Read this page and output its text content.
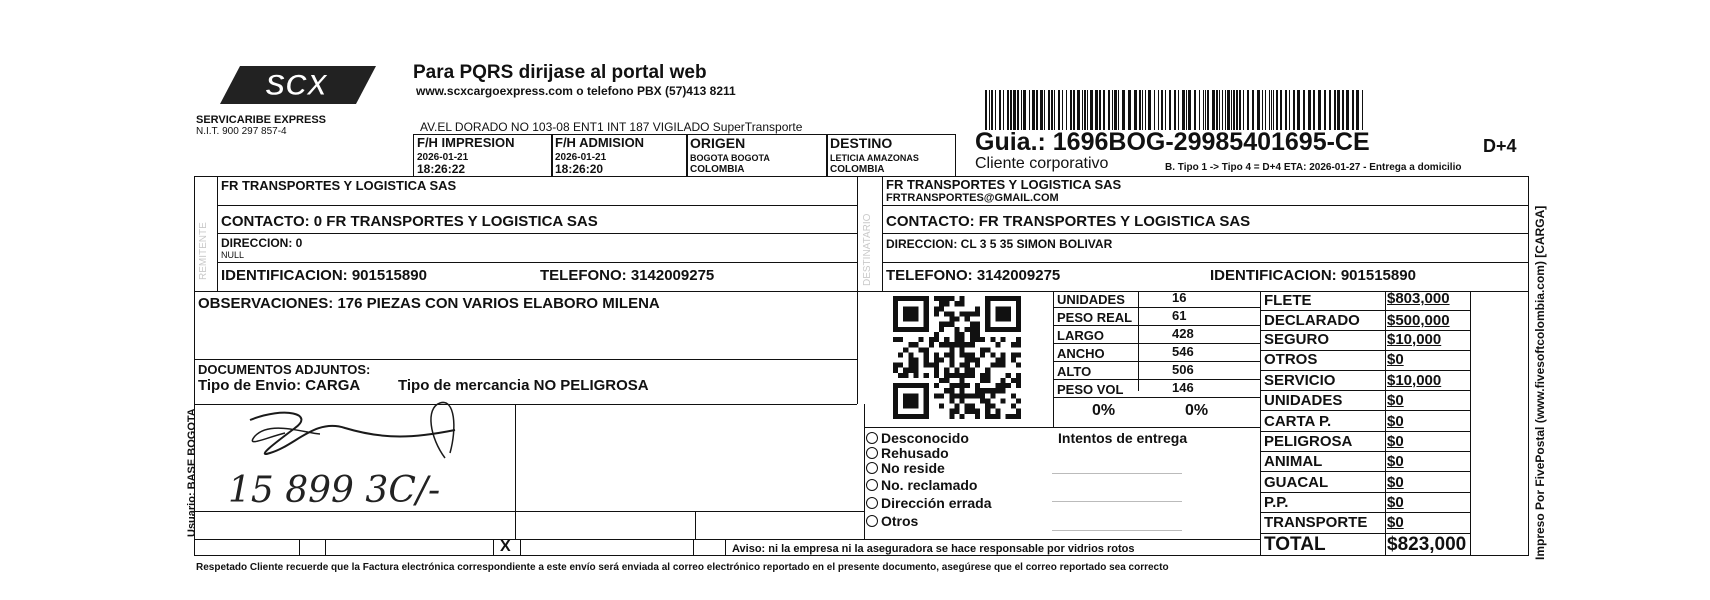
SCX
SERVICARIBE EXPRESS
N.I.T. 900 297 857-4
Para PQRS dirijase al portal web
www.scxcargoexpress.com o telefono PBX (57)413 8211
AV.EL DORADO NO 103-08 ENT1 INT 187 VIGILADO SuperTransporte
F/H IMPRESION
2026-01-21
18:26:22
F/H ADMISION
2026-01-21
18:26:20
ORIGEN
BOGOTA BOGOTA
COLOMBIA
DESTINO
LETICIA AMAZONAS
COLOMBIA
Guia.: 1696BOG-29985401695-CE
Cliente corporativo
D+4
B. Tipo 1 -> Tipo 4 = D+4 ETA: 2026-01-27 - Entrega a domicilio
REMITENTE
FR TRANSPORTES Y LOGISTICA SAS
CONTACTO: 0 FR TRANSPORTES Y LOGISTICA SAS
DIRECCION: 0
NULL
IDENTIFICACION: 901515890	TELEFONO: 3142009275	DESTINATARIO
FR TRANSPORTES Y LOGISTICA SAS
FRTRANSPORTES@GMAIL.COM
CONTACTO: FR TRANSPORTES Y LOGISTICA SAS
DIRECCION: CL 3 5 35 SIMON BOLIVAR
TELEFONO: 3142009275	IDENTIFICACION: 901515890	Impreso Por FivePostal (www.fivesoftcolombia.com) [CARGA]
OBSERVACIONES: 176 PIEZAS CON VARIOS ELABORO MILENA
DOCUMENTOS ADJUNTOS:
Tipo de Envio: CARGA	Tipo de mercancia NO PELIGROSA
UNIDADES	16
PESO REAL	61
LARGO	428
ANCHO	546
ALTO	506
PESO VOL	146
0%	0%
FLETE	$803,000
DECLARADO $500,000
SEGURO	$10,000
OTROS	$0
SERVICIO	$10,000
UNIDADES	$0
CARTA P.	$0
PELIGROSA $0
ANIMAL	$0
GUACAL	$0
P.P.	$0
TRANSPORTE $0
TOTAL	$823,000
Desconocido
Rehusado
No reside
No. reclamado
Dirección errada
Otros
Intentos de entrega
X
15 899 3C/-
Usuario: BASE BOGOTA
Aviso: ni la empresa ni la aseguradora se hace responsable por vidrios rotos
Respetado Cliente recuerde que la Factura electrónica correspondiente a este envío será enviada al correo electrónico reportado en el presente documento, asegúrese que el correo reportado sea correcto
